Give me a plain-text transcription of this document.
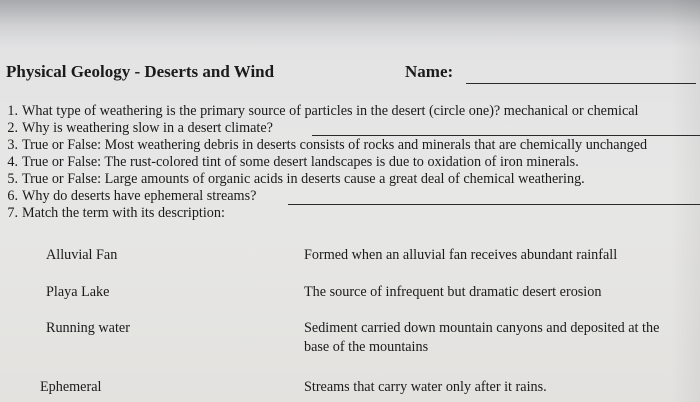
Physical Geology - Deserts and Wind	Name:
1. What type of weathering is the primary source of particles in the desert (circle one)? mechanical or chemical
2. Why is weathering slow in a desert climate?
3. True or False: Most weathering debris in deserts consists of rocks and minerals that are chemically unchanged
4. True or False: The rust-colored tint of some desert landscapes is due to oxidation of iron minerals.
5. True or False: Large amounts of organic acids in deserts cause a great deal of chemical weathering.
6. Why do deserts have ephemeral streams?
7. Match the term with its description:
Alluvial Fan
Playa Lake
Running water
Ephemeral
Formed when an alluvial fan receives abundant rainfall
The source of infrequent but dramatic desert erosion
Sediment carried down mountain canyons and deposited at the
base of the mountains
Streams that carry water only after it rains.
